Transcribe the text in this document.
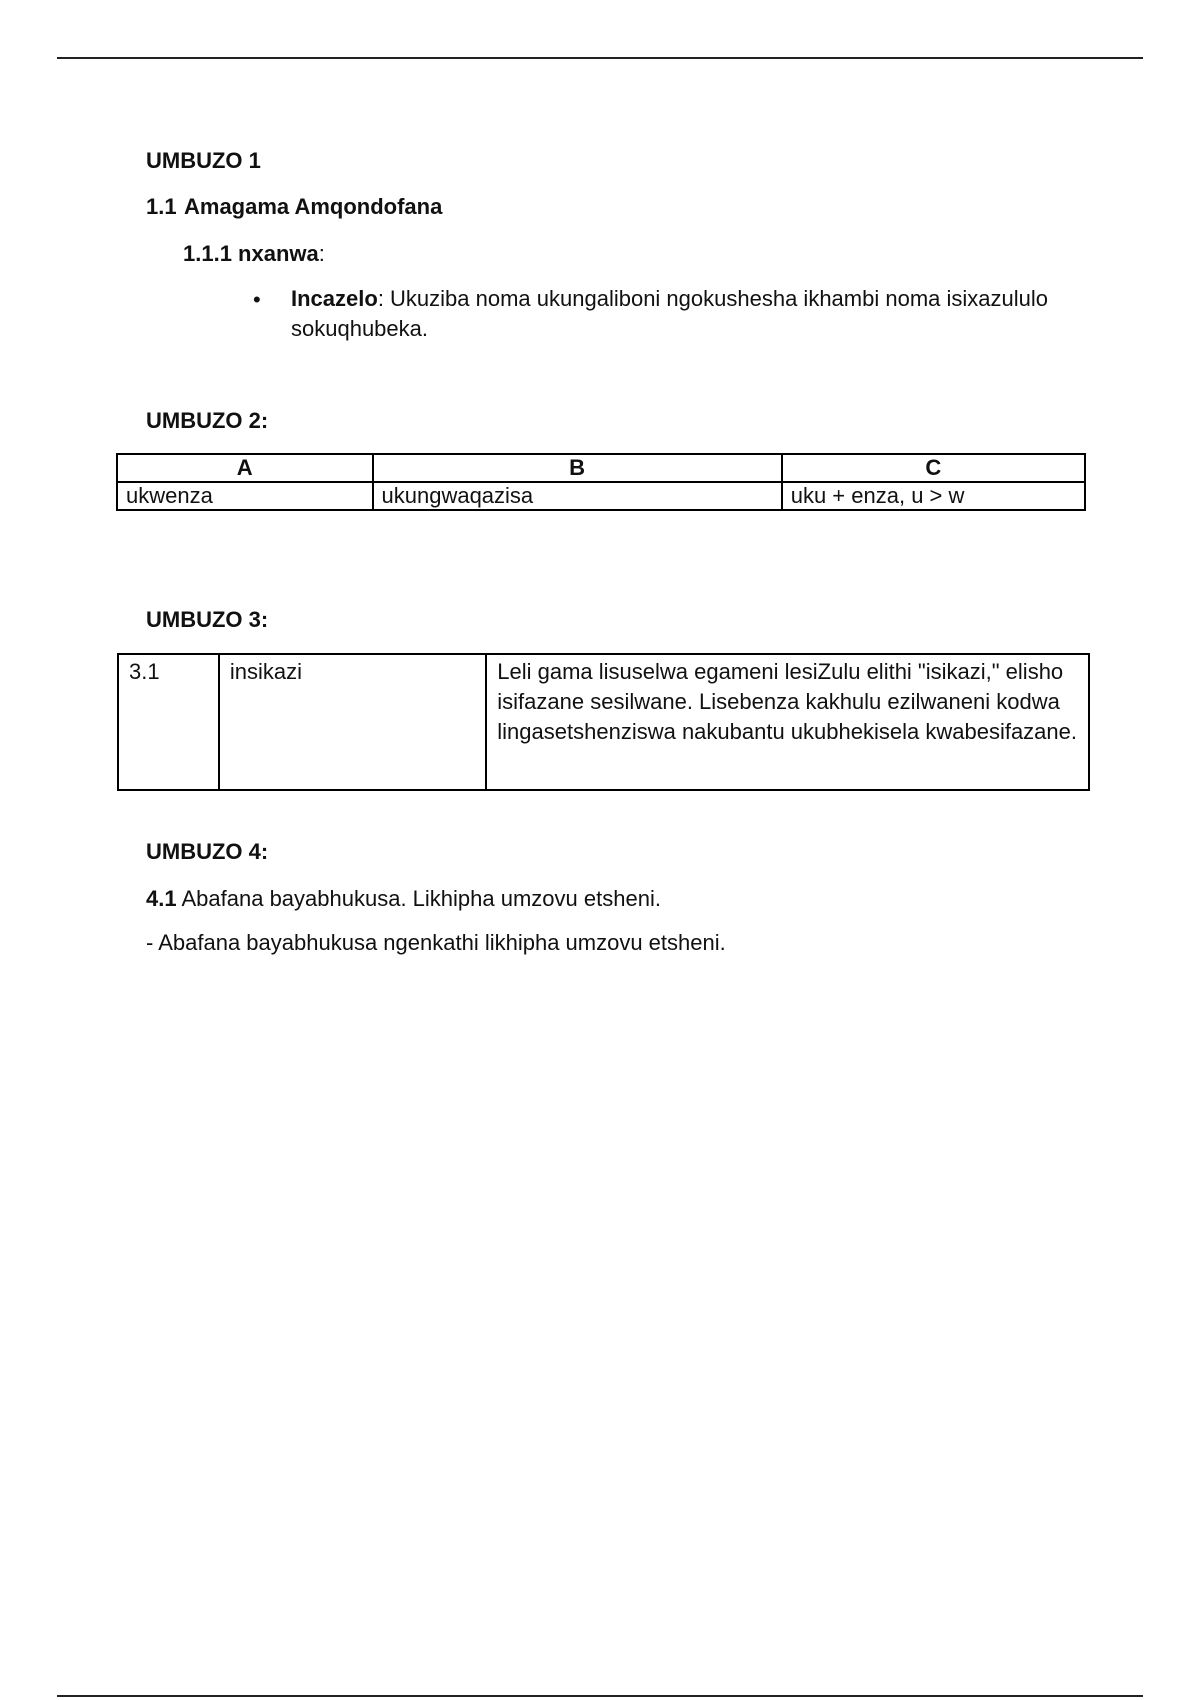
UMBUZO 1
1.1 Amagama Amqondofana
1.1.1 nxanwa:
• Incazelo: Ukuziba noma ukungaliboni ngokushesha ikhambi noma isixazululo sokuqhubeka.
UMBUZO 2:
A	B	C
ukwenza	ukungwaqazisa	uku + enza, u > w
UMBUZO 3:
3.1	insikazi	Leli gama lisuselwa egameni lesiZulu elithi "isikazi," elisho isifazane sesilwane. Lisebenza kakhulu ezilwaneni kodwa lingasetshenziswa nakubantu ukubhekisela kwabesifazane.
UMBUZO 4:
4.1 Abafana bayabhukusa. Likhipha umzovu etsheni.
- Abafana bayabhukusa ngenkathi likhipha umzovu etsheni.
